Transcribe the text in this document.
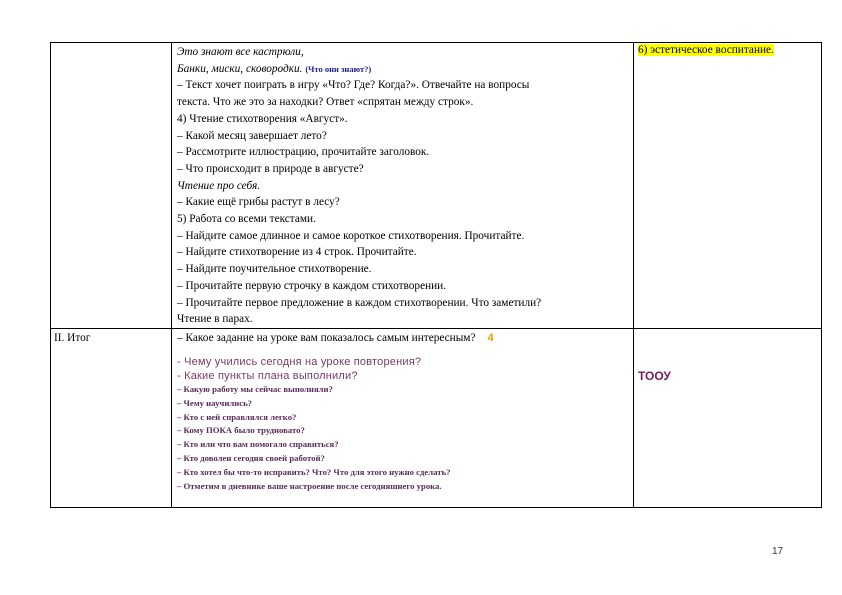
Это знают все кастрюли,

Банки, миски, сковородки. (Что они знают?)

– Текст хочет поиграть в игру «Что? Где? Когда?». Отвечайте на вопросы

текста. Что же это за находки? Ответ «спрятан между строк».

4) Чтение стихотворения «Август».

– Какой месяц завершает лето?

– Рассмотрите иллюстрацию, прочитайте заголовок.

– Что происходит в природе в августе?

Чтение про себя.

– Какие ещё грибы растут в лесу?

5) Работа со всеми текстами.

– Найдите самое длинное и самое короткое стихотворения. Прочитайте.

– Найдите стихотворение из 4 строк. Прочитайте.

– Найдите поучительное стихотворение.

– Прочитайте первую строчку в каждом стихотворении.

– Прочитайте первое предложение в каждом стихотворении. Что заметили?

Чтение в парах.

6) эстетическое воспитание.
II. Итог	– Какое задание на уроке вам показалось самым интересным? 4

- Чему учились сегодня на уроке повторения?

- Какие пункты плана выполнили?

– Какую работу мы сейчас выполняли?

– Чему научились?

– Кто с ней справлялся легко?

– Кому ПОКА было трудновато?

– Кто или что вам помогало справиться?

– Кто доволен сегодня своей работой?

– Кто хотел бы что-то исправить? Что? Что для этого нужно сделать?

– Отметим в дневнике ваше настроение после сегодняшнего урока.

ТООУ
17
